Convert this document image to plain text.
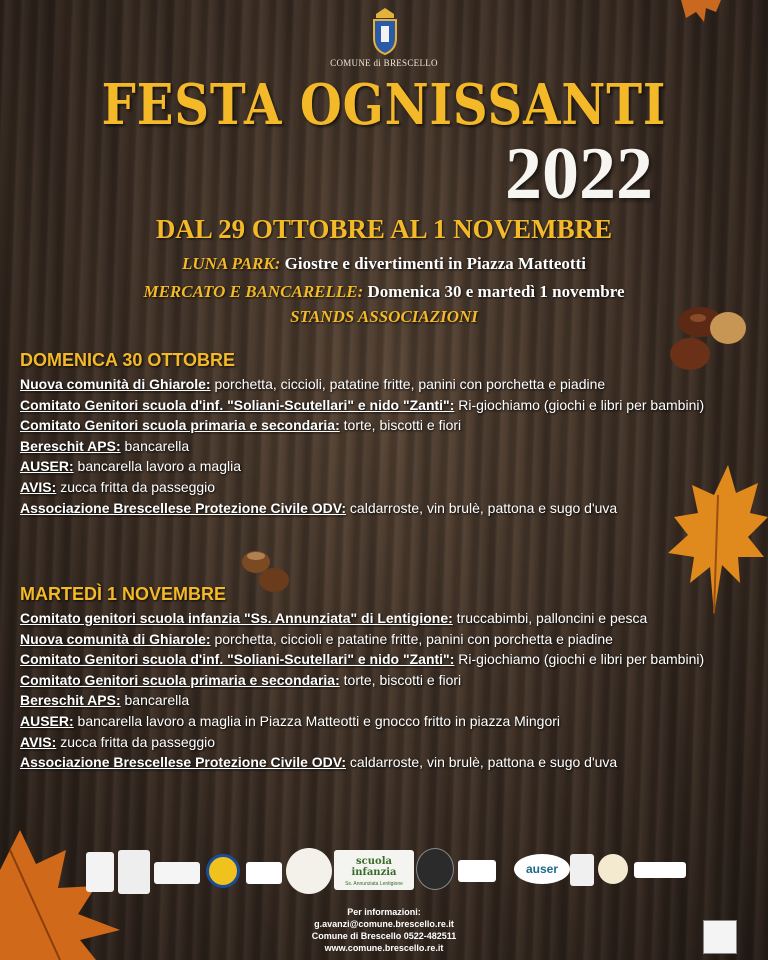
COMUNE di BRESCELLO
FESTA OGNISSANTI
2022
DAL 29 OTTOBRE AL 1 NOVEMBRE
LUNA PARK: Giostre e divertimenti in Piazza Matteotti
MERCATO E BANCARELLE: Domenica 30 e martedì 1 novembre
STANDS ASSOCIAZIONI
DOMENICA 30 OTTOBRE
Nuova comunità di Ghiarole: porchetta, ciccioli, patatine fritte, panini con porchetta e piadine
Comitato Genitori scuola d'inf. "Soliani-Scutellari" e nido "Zanti": Ri-giochiamo (giochi e libri per bambini)
Comitato Genitori scuola primaria e secondaria: torte, biscotti e fiori
Bereschit APS: bancarella
AUSER: bancarella lavoro a maglia
AVIS: zucca fritta da passeggio
Associazione Brescellese Protezione Civile ODV: caldarroste, vin brulè, pattona e sugo d'uva
MARTEDÌ 1 NOVEMBRE
Comitato genitori scuola infanzia "Ss. Annunziata" di Lentigione: truccabimbi, palloncini e pesca
Nuova comunità di Ghiarole: porchetta, ciccioli e patatine fritte, panini con porchetta e piadine
Comitato Genitori scuola d'inf. "Soliani-Scutellari" e nido "Zanti": Ri-giochiamo (giochi e libri per bambini)
Comitato Genitori scuola primaria e secondaria: torte, biscotti e fiori
Bereschit APS: bancarella
AUSER: bancarella lavoro a maglia in Piazza Matteotti e gnocco fritto in piazza Mingori
AVIS: zucca fritta da passeggio
Associazione Brescellese Protezione Civile ODV: caldarroste, vin brulè, pattona e sugo d'uva
scuola infanzia
Ss. Annunziata Lentigione
auser
Per informazioni:
g.avanzi@comune.brescello.re.it
Comune di Brescello 0522-482511
www.comune.brescello.re.it
